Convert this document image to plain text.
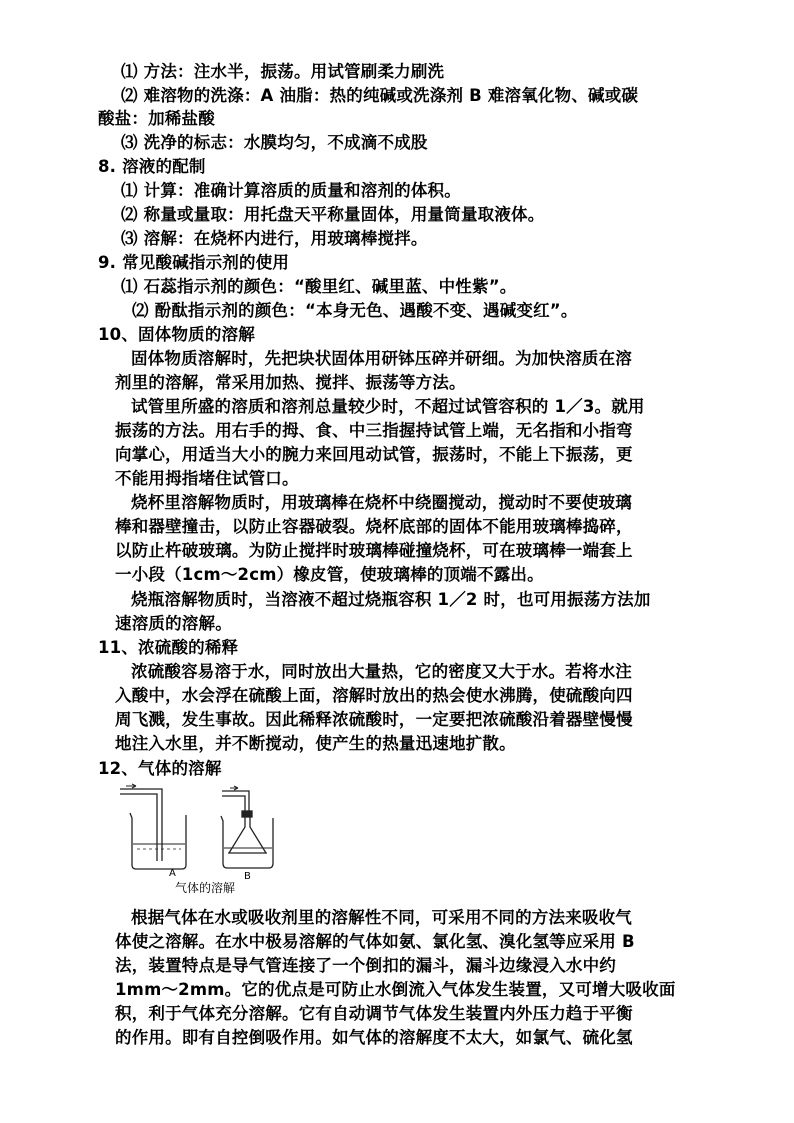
⑴ 方法：注水半，振荡。用试管刷柔力刷洗
⑵ 难溶物的洗涤：A 油脂：热的纯碱或洗涤剂 B 难溶氧化物、碱或碳
酸盐：加稀盐酸
⑶ 洗净的标志：水膜均匀，不成滴不成股
8. 溶液的配制
⑴ 计算：准确计算溶质的质量和溶剂的体积。
⑵ 称量或量取：用托盘天平称量固体，用量筒量取液体。
⑶ 溶解：在烧杯内进行，用玻璃棒搅拌。
9. 常见酸碱指示剂的使用
⑴ 石蕊指示剂的颜色：“酸里红、碱里蓝、中性紫”。
⑵ 酚酞指示剂的颜色：“本身无色、遇酸不变、遇碱变红”。
10、固体物质的溶解
固体物质溶解时，先把块状固体用研钵压碎并研细。为加快溶质在溶
剂里的溶解，常采用加热、搅拌、振荡等方法。
试管里所盛的溶质和溶剂总量较少时，不超过试管容积的 1／3。就用
振荡的方法。用右手的拇、食、中三指握持试管上端，无名指和小指弯
向掌心，用适当大小的腕力来回甩动试管，振荡时，不能上下振荡，更
不能用拇指堵住试管口。
烧杯里溶解物质时，用玻璃棒在烧杯中绕圈搅动，搅动时不要使玻璃
棒和器壁撞击，以防止容器破裂。烧杯底部的固体不能用玻璃棒捣碎，
以防止杵破玻璃。为防止搅拌时玻璃棒碰撞烧杯，可在玻璃棒一端套上
一小段（1cm～2cm）橡皮管，使玻璃棒的顶端不露出。
烧瓶溶解物质时，当溶液不超过烧瓶容积 1／2 时，也可用振荡方法加
速溶质的溶解。
11、浓硫酸的稀释
浓硫酸容易溶于水，同时放出大量热，它的密度又大于水。若将水注
入酸中，水会浮在硫酸上面，溶解时放出的热会使水沸腾，使硫酸向四
周飞溅，发生事故。因此稀释浓硫酸时，一定要把浓硫酸沿着器壁慢慢
地注入水里，并不断搅动，使产生的热量迅速地扩散。
12、气体的溶解
A	B
气体的溶解
根据气体在水或吸收剂里的溶解性不同，可采用不同的方法来吸收气
体使之溶解。在水中极易溶解的气体如氨、氯化氢、溴化氢等应采用 B
法，装置特点是导气管连接了一个倒扣的漏斗，漏斗边缘浸入水中约
1mm～2mm。它的优点是可防止水倒流入气体发生装置，又可增大吸收面
积，利于气体充分溶解。它有自动调节气体发生装置内外压力趋于平衡
的作用。即有自控倒吸作用。如气体的溶解度不太大，如氯气、硫化氢
